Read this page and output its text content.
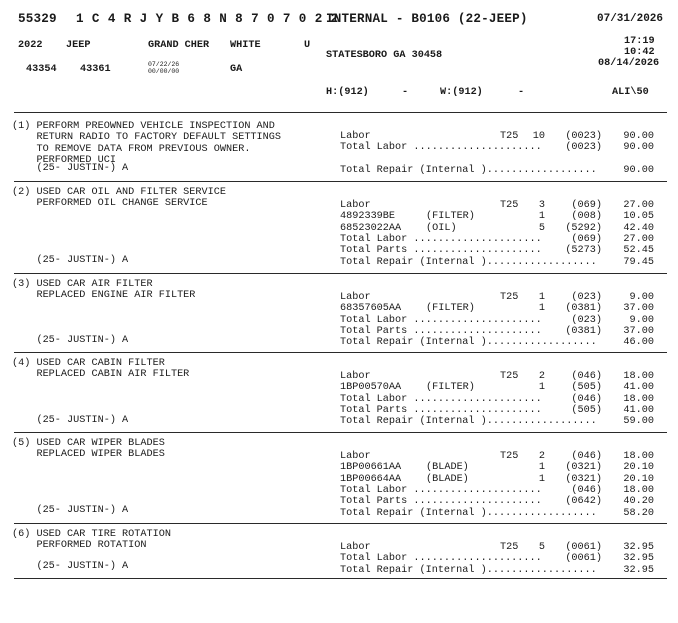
55329 1 C 4 R J Y B 6 8 N 8 7 0 7 0 2 2
INTERNAL - B0106 (22-JEEP)	07/31/2026
2022 JEEP	GRAND CHER WHITE	U	17:19
10:42
STATESBORO GA 30458
08/14/2026
43354 43361	07/22/26
00/00/00	GA
H:(912)	-	W:(912)	-	ALI\50
(1) PERFORM PREOWNED VEHICLE INSPECTION AND
RETURN RADIO TO FACTORY DEFAULT SETTINGS
TO REMOVE DATA FROM PREVIOUS OWNER.
PERFORMED UCI
(25- JUSTIN-) A
Labor	T25	10	(0023)	90.00
Total Labor .....................	(0023)	90.00
Total Repair (Internal )..................	90.00
(2) USED CAR OIL AND FILTER SERVICE
PERFORMED OIL CHANGE SERVICE
(25- JUSTIN-) A
Labor	T25	3	(069)	27.00
4892339BE	(FILTER)	1	(008)	10.05
68523022AA (OIL)	5	(5292)	42.40
Total Labor .....................	(069)	27.00
Total Parts .....................	(5273)	52.45
Total Repair (Internal )..................	79.45
(3) USED CAR AIR FILTER
REPLACED ENGINE AIR FILTER
(25- JUSTIN-) A
Labor	T25	1	(023)	9.00
68357605AA (FILTER)	1	(0381)	37.00
Total Labor .....................	(023)	9.00
Total Parts .....................	(0381)	37.00
Total Repair (Internal )..................	46.00
(4) USED CAR CABIN FILTER
REPLACED CABIN AIR FILTER
(25- JUSTIN-) A
Labor	T25	2	(046)	18.00
1BP00570AA (FILTER)	1	(505)	41.00
Total Labor .....................	(046)	18.00
Total Parts .....................	(505)	41.00
Total Repair (Internal )..................	59.00
(5) USED CAR WIPER BLADES
REPLACED WIPER BLADES
(25- JUSTIN-) A
Labor	T25	2	(046)	18.00
1BP00661AA (BLADE)	1	(0321)	20.10
1BP00664AA (BLADE)	1	(0321)	20.10
Total Labor .....................	(046)	18.00
Total Parts .....................	(0642)	40.20
Total Repair (Internal )..................	58.20
(6) USED CAR TIRE ROTATION
PERFORMED ROTATION
(25- JUSTIN-) A
Labor	T25	5	(0061)	32.95
Total Labor .....................	(0061)	32.95
Total Repair (Internal )..................	32.95
